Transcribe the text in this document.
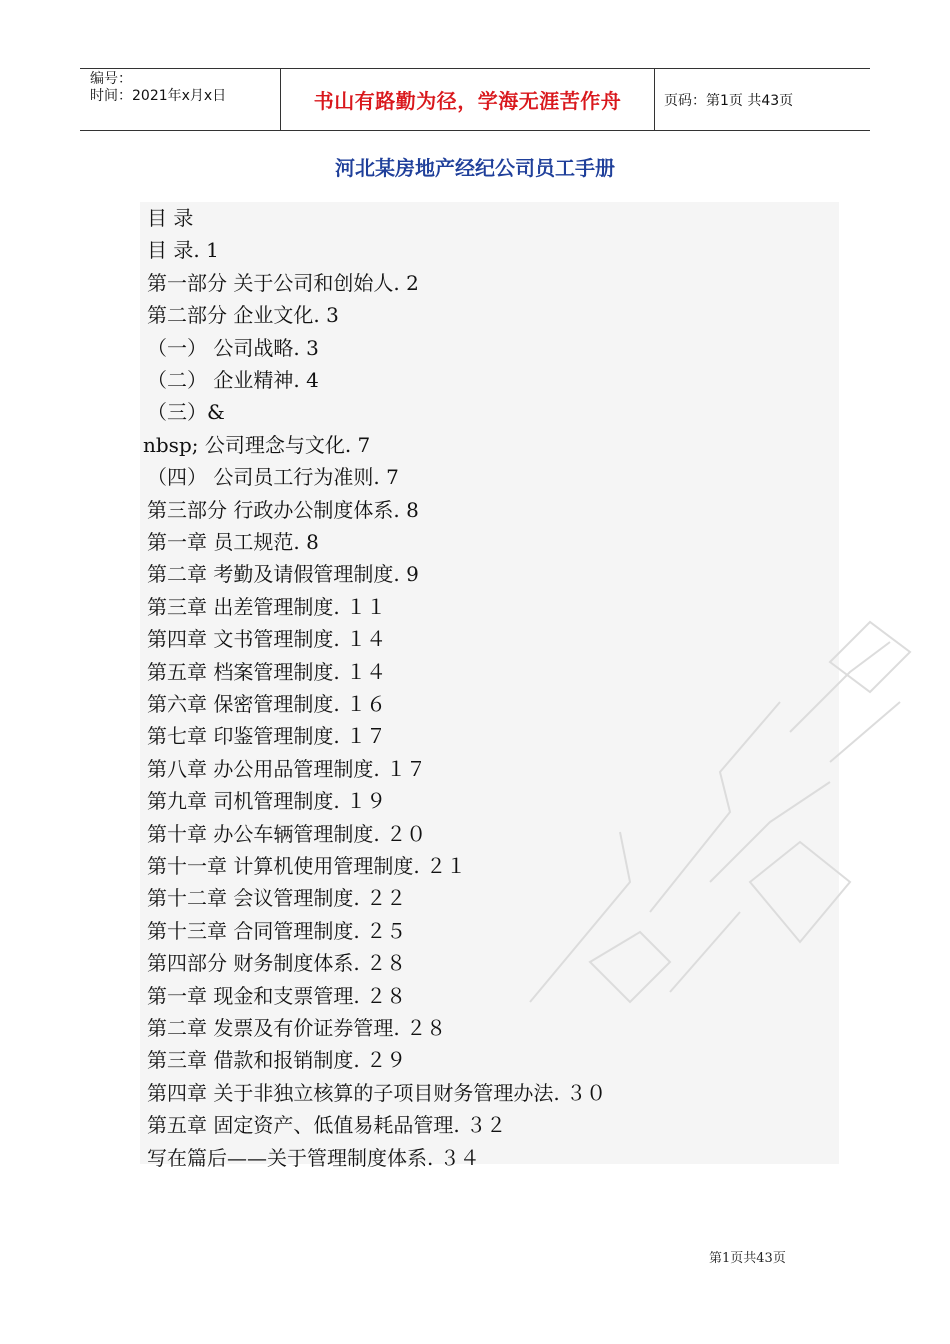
编号：
时间：2021年x月x日	书山有路勤为径，学海无涯苦作舟	页码：第1页 共43页
河北某房地产经纪公司员工手册
目 录
目 录. 1
第一部分 关于公司和创始人. 2
第二部分 企业文化. 3
（一） 公司战略. 3
（二） 企业精神. 4
（三）&
nbsp; 公司理念与文化. 7
（四） 公司员工行为准则. 7
第三部分 行政办公制度体系. 8
第一章 员工规范. 8
第二章 考勤及请假管理制度. 9
第三章 出差管理制度. １１
第四章 文书管理制度. １４
第五章 档案管理制度. １４
第六章 保密管理制度. １６
第七章 印鉴管理制度. １７
第八章 办公用品管理制度. １７
第九章 司机管理制度. １９
第十章 办公车辆管理制度. ２０
第十一章 计算机使用管理制度. ２１
第十二章 会议管理制度. ２２
第十三章 合同管理制度. ２５
第四部分 财务制度体系. ２８
第一章 现金和支票管理. ２８
第二章 发票及有价证券管理. ２８
第三章 借款和报销制度. ２９
第四章 关于非独立核算的子项目财务管理办法. ３０
第五章 固定资产、低值易耗品管理. ３２
写在篇后——关于管理制度体系. ３４
第1页共43页
